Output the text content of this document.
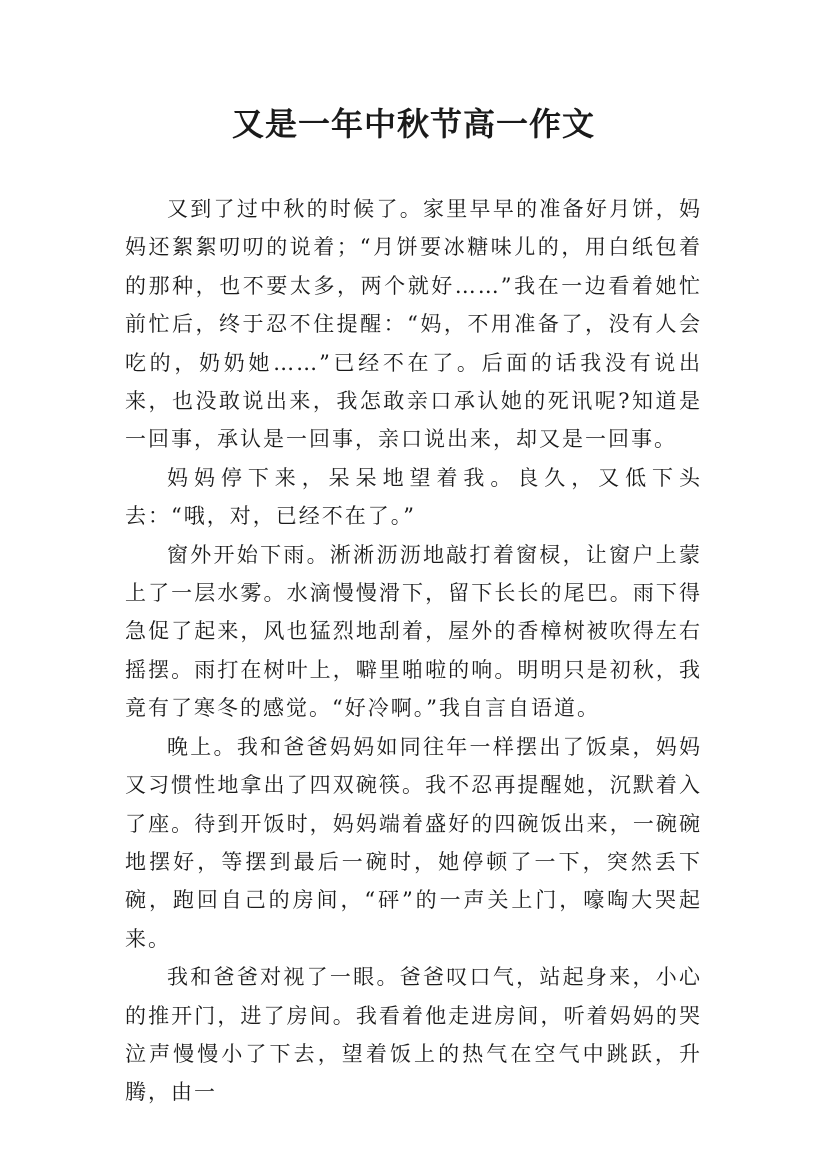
又是一年中秋节高一作文

又到了过中秋的时候了。家里早早的准备好月饼，妈妈还絮絮叨叨的说着；“月饼要冰糖味儿的，用白纸包着的那种，也不要太多，两个就好……”我在一边看着她忙前忙后，终于忍不住提醒：“妈，不用准备了，没有人会吃的，奶奶她……”已经不在了。后面的话我没有说出来，也没敢说出来，我怎敢亲口承认她的死讯呢?知道是一回事，承认是一回事，亲口说出来，却又是一回事。

妈妈停下来，呆呆地望着我。良久，又低下头去：“哦，对，已经不在了。”

窗外开始下雨。淅淅沥沥地敲打着窗棂，让窗户上蒙上了一层水雾。水滴慢慢滑下，留下长长的尾巴。雨下得急促了起来，风也猛烈地刮着，屋外的香樟树被吹得左右摇摆。雨打在树叶上，噼里啪啦的响。明明只是初秋，我竟有了寒冬的感觉。“好冷啊。”我自言自语道。

晚上。我和爸爸妈妈如同往年一样摆出了饭桌，妈妈又习惯性地拿出了四双碗筷。我不忍再提醒她，沉默着入了座。待到开饭时，妈妈端着盛好的四碗饭出来，一碗碗地摆好，等摆到最后一碗时，她停顿了一下，突然丢下碗，跑回自己的房间，“砰”的一声关上门，嚎啕大哭起来。

我和爸爸对视了一眼。爸爸叹口气，站起身来，小心的推开门，进了房间。我看着他走进房间，听着妈妈的哭泣声慢慢小了下去，望着饭上的热气在空气中跳跃，升腾，由一
